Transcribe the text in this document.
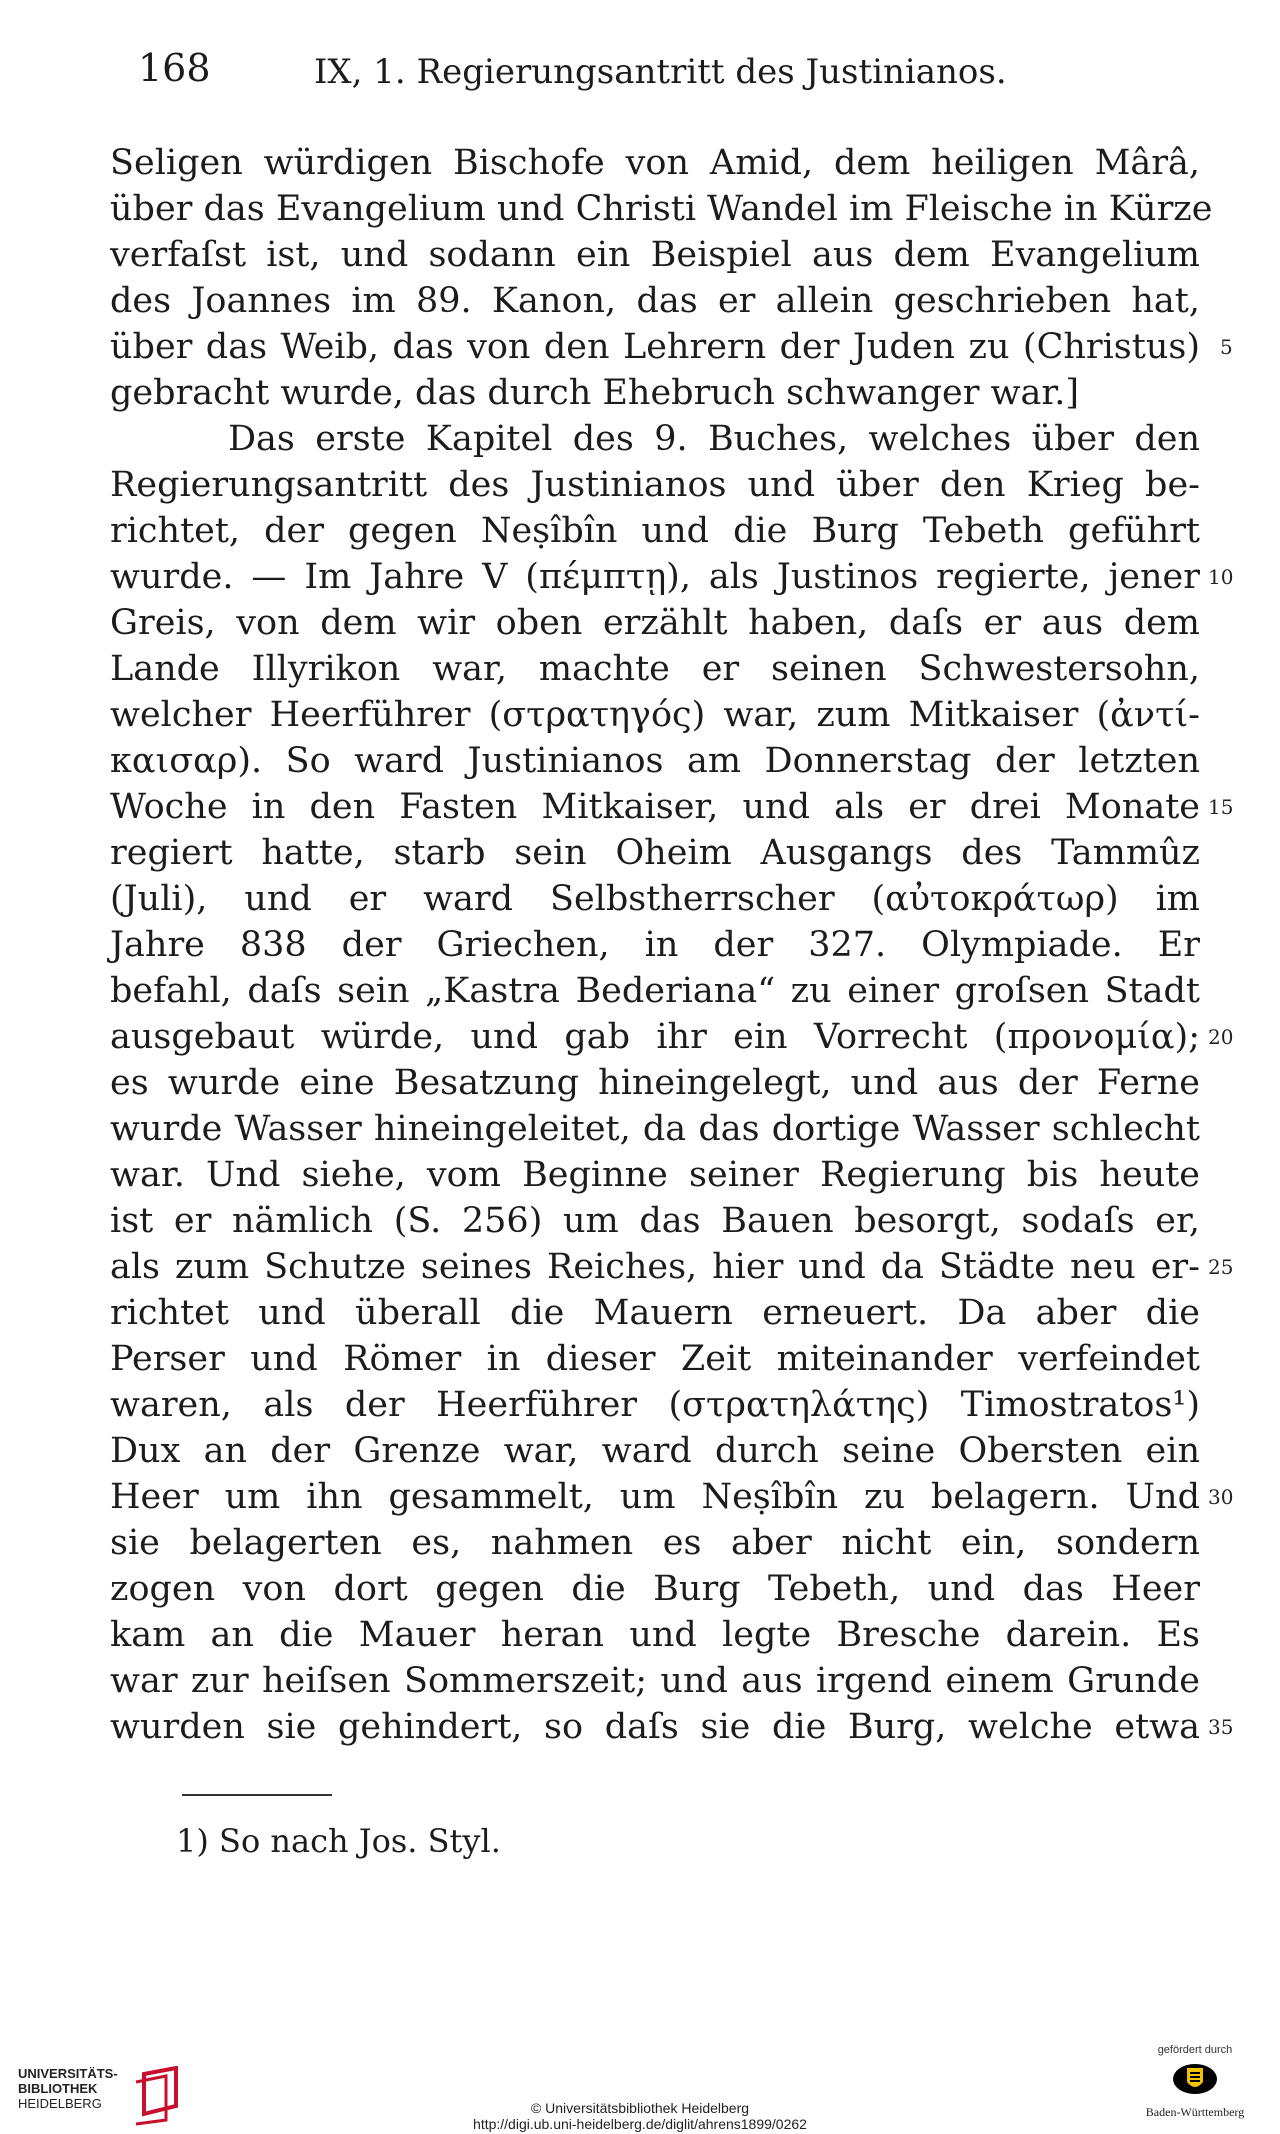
168	IX, 1. Regierungsantritt des Justinianos.
Seligen würdigen Bischofe von Amid, dem heiligen Mârâ,
über das Evangelium und Christi Wandel im Fleische in Kürze
verfaſst ist, und sodann ein Beispiel aus dem Evangelium
des Joannes im 89. Kanon, das er allein geschrieben hat,
über das Weib, das von den Lehrern der Juden zu (Christus)
gebracht wurde, das durch Ehebruch schwanger war.]
Das erste Kapitel des 9. Buches, welches über den
Regierungsantritt des Justinianos und über den Krieg be-
richtet, der gegen Neṣîbîn und die Burg Tebeth geführt
wurde. — Im Jahre V (πέμπτῃ), als Justinos regierte, jener
Greis, von dem wir oben erzählt haben, daſs er aus dem
Lande Illyrikon war, machte er seinen Schwestersohn,
welcher Heerführer (στρατηγός) war, zum Mitkaiser (ἀντί-
καισαρ). So ward Justinianos am Donnerstag der letzten
Woche in den Fasten Mitkaiser, und als er drei Monate
regiert hatte, starb sein Oheim Ausgangs des Tammûz
(Juli), und er ward Selbstherrscher (αὐτοκράτωρ) im
Jahre 838 der Griechen, in der 327. Olympiade. Er
befahl, daſs sein „Kastra Bederiana“ zu einer groſsen Stadt
ausgebaut würde, und gab ihr ein Vorrecht (προνομία);
es wurde eine Besatzung hineingelegt, und aus der Ferne
wurde Wasser hineingeleitet, da das dortige Wasser schlecht
war. Und siehe, vom Beginne seiner Regierung bis heute
ist er nämlich (S. 256) um das Bauen besorgt, sodaſs er,
als zum Schutze seines Reiches, hier und da Städte neu er-
richtet und überall die Mauern erneuert. Da aber die
Perser und Römer in dieser Zeit miteinander verfeindet
waren, als der Heerführer (στρατηλάτης) Timostratos¹)
Dux an der Grenze war, ward durch seine Obersten ein
Heer um ihn gesammelt, um Neṣîbîn zu belagern. Und
sie belagerten es, nahmen es aber nicht ein, sondern
zogen von dort gegen die Burg Tebeth, und das Heer
kam an die Mauer heran und legte Bresche darein. Es
war zur heiſsen Sommerszeit; und aus irgend einem Grunde
wurden sie gehindert, so daſs sie die Burg, welche etwa
5
10
15
20
25
30
35
1) So nach Jos. Styl.
UNIVERSITÄTS-
BIBLIOTHEK
HEIDELBERG	© Universitätsbibliothek Heidelberg
http://digi.ub.uni-heidelberg.de/diglit/ahrens1899/0262
gefördert durch
Baden-Württemberg
